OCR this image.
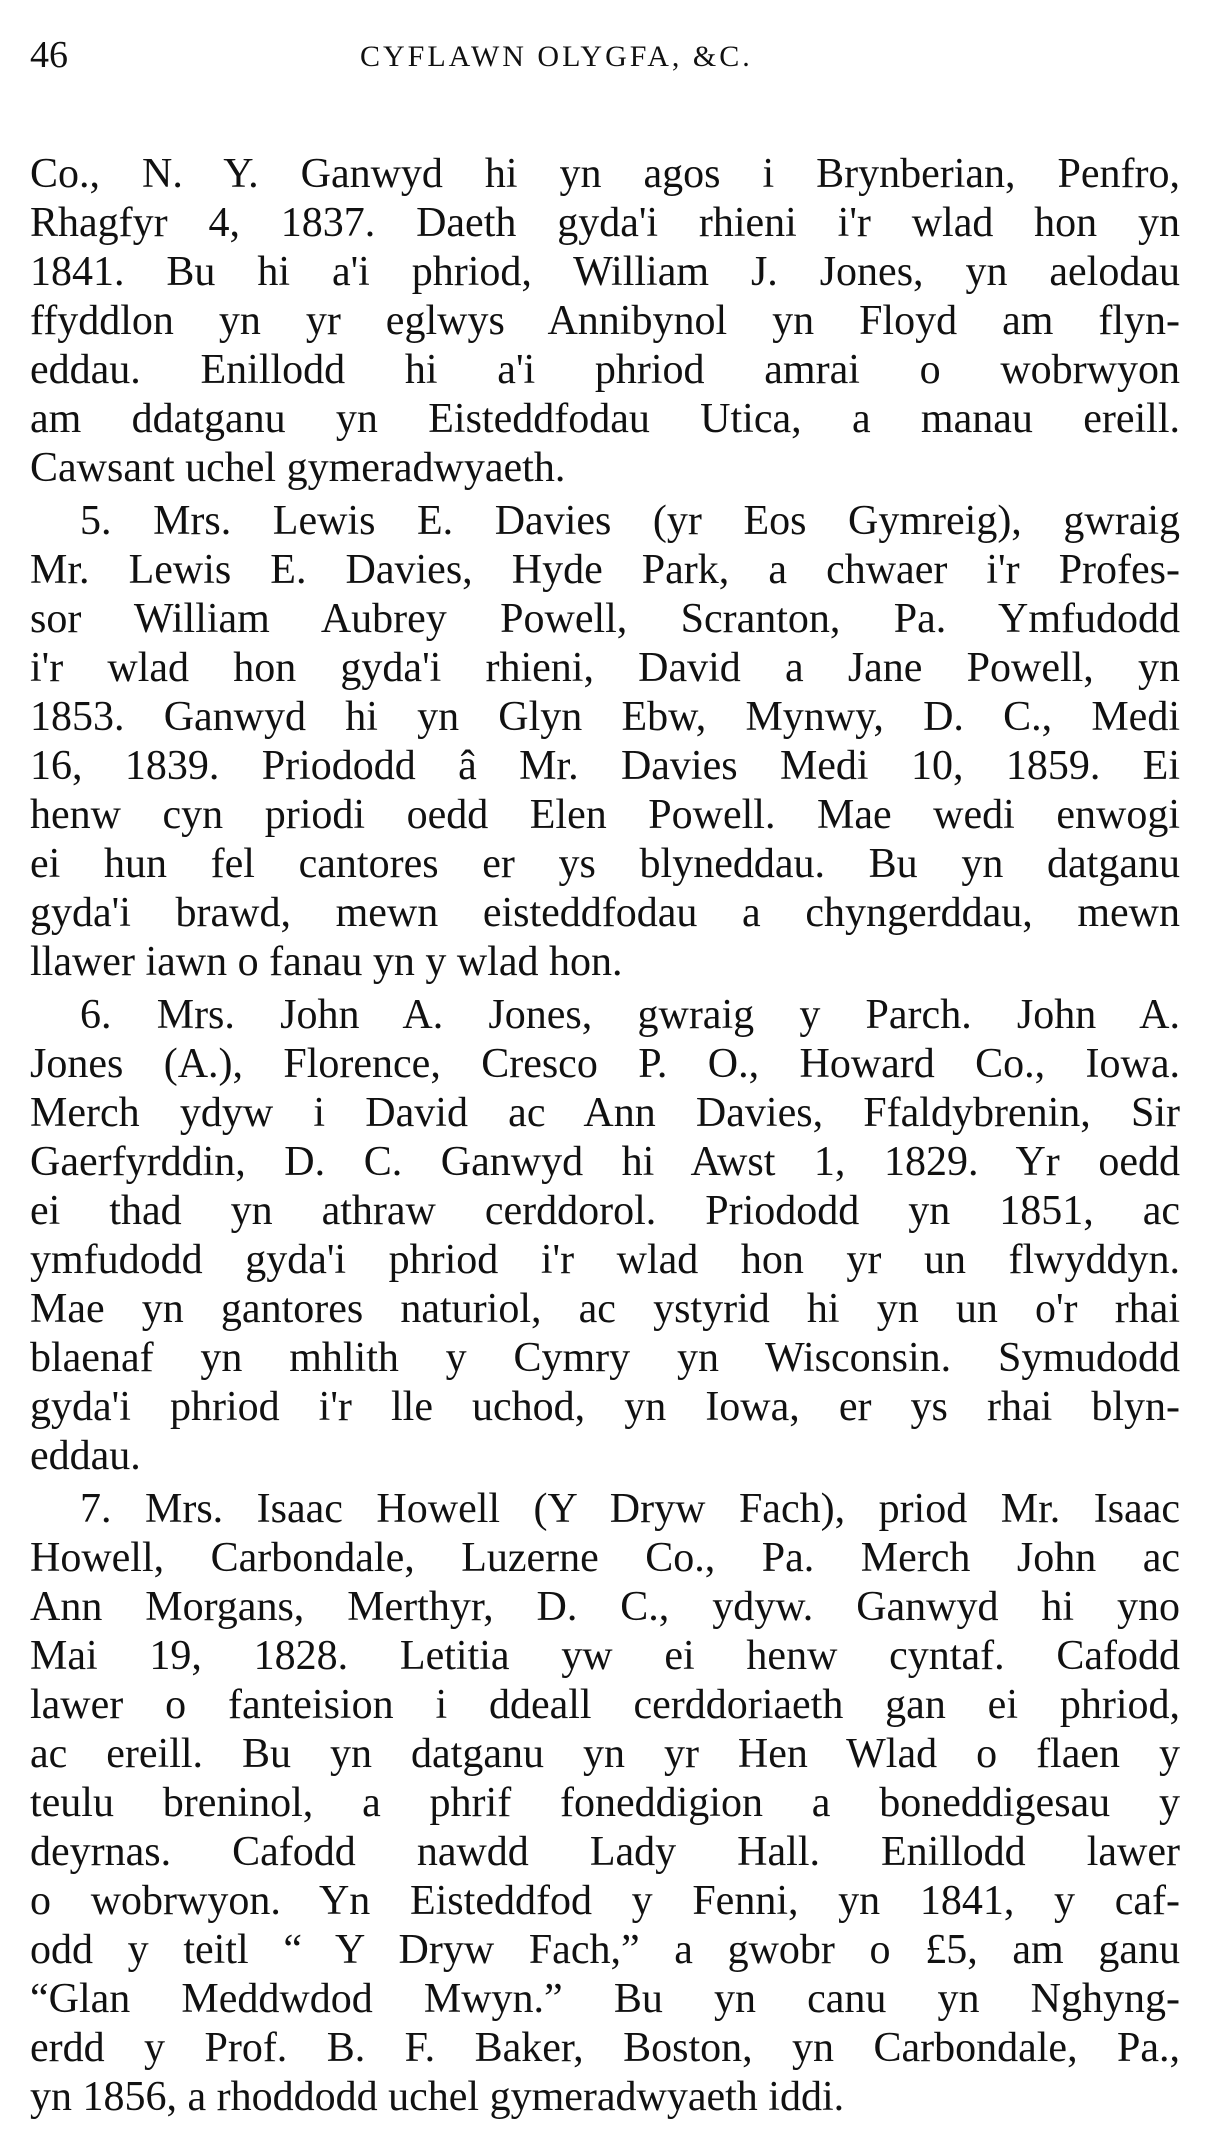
46	CYFLAWN OLYGFA, &C.
Co., N. Y. Ganwyd hi yn agos i Brynberian, Penfro,
Rhagfyr 4, 1837. Daeth gyda'i rhieni i'r wlad hon yn
1841. Bu hi a'i phriod, William J. Jones, yn aelodau
ffyddlon yn yr eglwys Annibynol yn Floyd am flyn-
eddau. Enillodd hi a'i phriod amrai o wobrwyon
am ddatganu yn Eisteddfodau Utica, a manau ereill.
Cawsant uchel gymeradwyaeth.
5. Mrs. Lewis E. Davies (yr Eos Gymreig), gwraig
Mr. Lewis E. Davies, Hyde Park, a chwaer i'r Profes-
sor William Aubrey Powell, Scranton, Pa. Ymfudodd
i'r wlad hon gyda'i rhieni, David a Jane Powell, yn
1853. Ganwyd hi yn Glyn Ebw, Mynwy, D. C., Medi
16, 1839. Priododd â Mr. Davies Medi 10, 1859. Ei
henw cyn priodi oedd Elen Powell. Mae wedi enwogi
ei hun fel cantores er ys blyneddau. Bu yn datganu
gyda'i brawd, mewn eisteddfodau a chyngerddau, mewn
llawer iawn o fanau yn y wlad hon.
6. Mrs. John A. Jones, gwraig y Parch. John A.
Jones (A.), Florence, Cresco P. O., Howard Co., Iowa.
Merch ydyw i David ac Ann Davies, Ffaldybrenin, Sir
Gaerfyrddin, D. C. Ganwyd hi Awst 1, 1829. Yr oedd
ei thad yn athraw cerddorol. Priododd yn 1851, ac
ymfudodd gyda'i phriod i'r wlad hon yr un flwyddyn.
Mae yn gantores naturiol, ac ystyrid hi yn un o'r rhai
blaenaf yn mhlith y Cymry yn Wisconsin. Symudodd
gyda'i phriod i'r lle uchod, yn Iowa, er ys rhai blyn-
eddau.
7. Mrs. Isaac Howell (Y Dryw Fach), priod Mr. Isaac
Howell, Carbondale, Luzerne Co., Pa. Merch John ac
Ann Morgans, Merthyr, D. C., ydyw. Ganwyd hi yno
Mai 19, 1828. Letitia yw ei henw cyntaf. Cafodd
lawer o fanteision i ddeall cerddoriaeth gan ei phriod,
ac ereill. Bu yn datganu yn yr Hen Wlad o flaen y
teulu breninol, a phrif foneddigion a boneddigesau y
deyrnas. Cafodd nawdd Lady Hall. Enillodd lawer
o wobrwyon. Yn Eisteddfod y Fenni, yn 1841, y caf-
odd y teitl “ Y Dryw Fach,” a gwobr o £5, am ganu
“Glan Meddwdod Mwyn.” Bu yn canu yn Nghyng-
erdd y Prof. B. F. Baker, Boston, yn Carbondale, Pa.,
yn 1856, a rhoddodd uchel gymeradwyaeth iddi.
